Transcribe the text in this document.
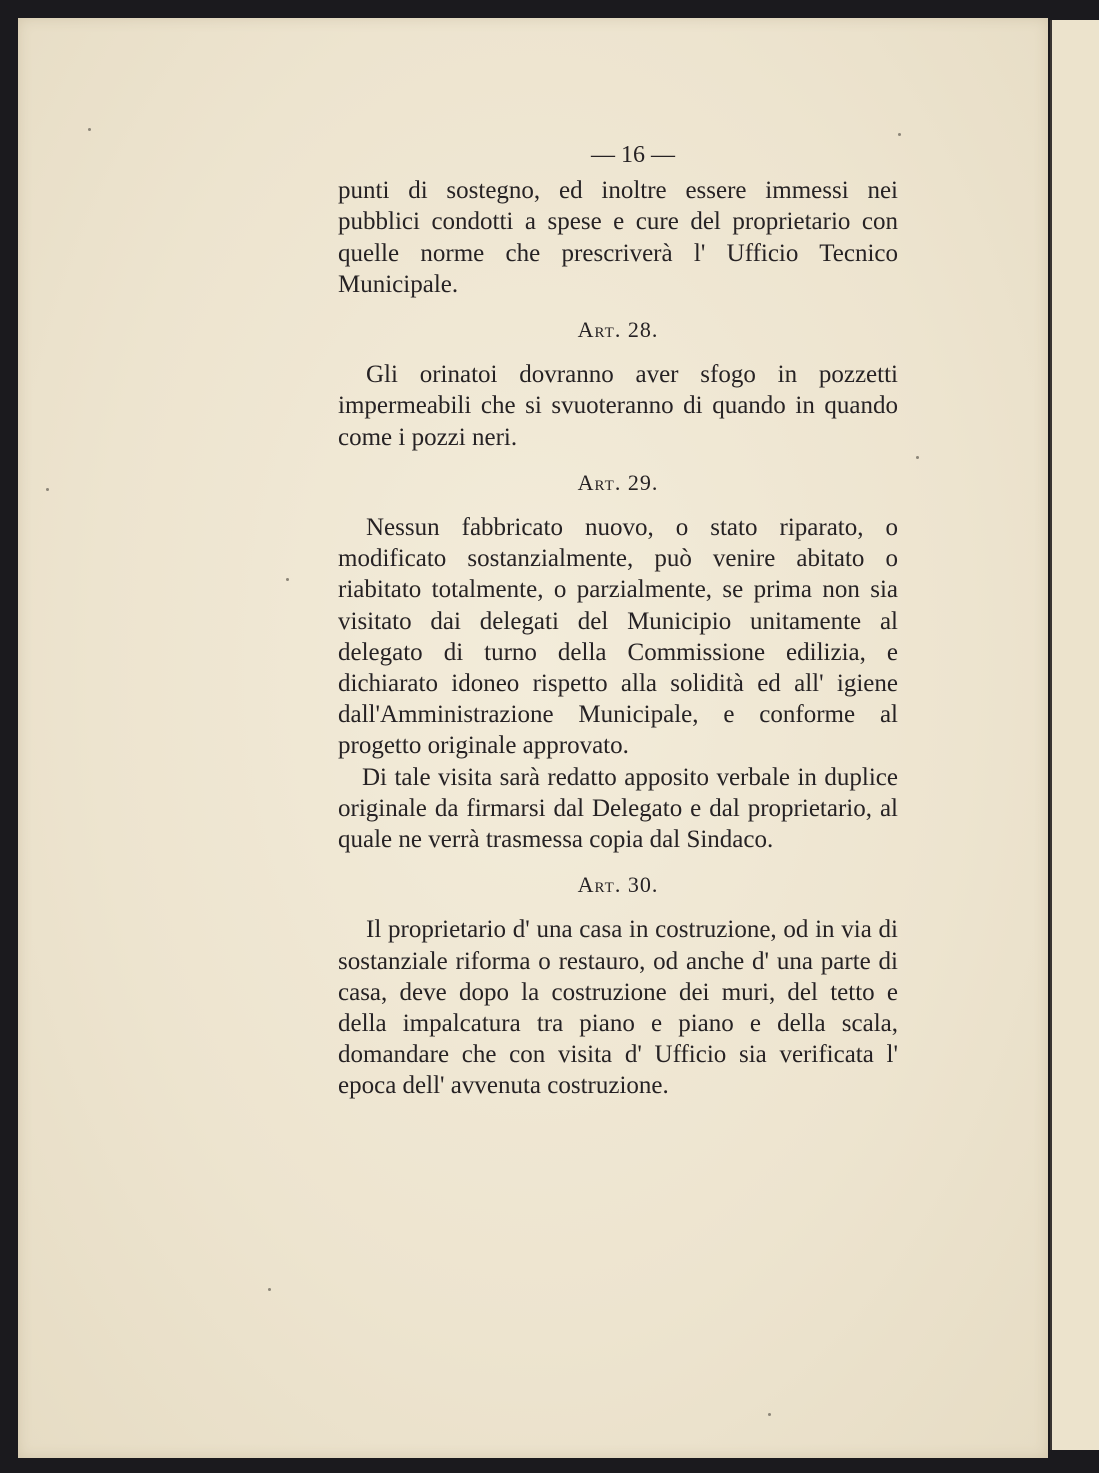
— 16 —

punti di sostegno, ed inoltre essere immessi nei pubblici condotti a spese e cure del proprietario con quelle norme che prescriverà l' Ufficio Tecnico Municipale.

Art. 28.

Gli orinatoi dovranno aver sfogo in pozzetti impermeabili che si svuoteranno di quando in quando come i pozzi neri.

Art. 29.

Nessun fabbricato nuovo, o stato riparato, o modificato sostanzialmente, può venire abitato o riabitato totalmente, o parzialmente, se prima non sia visitato dai delegati del Municipio unitamente al delegato di turno della Commissione edilizia, e dichiarato idoneo rispetto alla solidità ed all' igiene dall'Amministrazione Municipale, e conforme al progetto originale approvato.

Di tale visita sarà redatto apposito verbale in duplice originale da firmarsi dal Delegato e dal proprietario, al quale ne verrà trasmessa copia dal Sindaco.

Art. 30.

Il proprietario d' una casa in costruzione, od in via di sostanziale riforma o restauro, od anche d' una parte di casa, deve dopo la costruzione dei muri, del tetto e della impalcatura tra piano e piano e della scala, domandare che con visita d' Ufficio sia verificata l' epoca dell' avvenuta costruzione.
